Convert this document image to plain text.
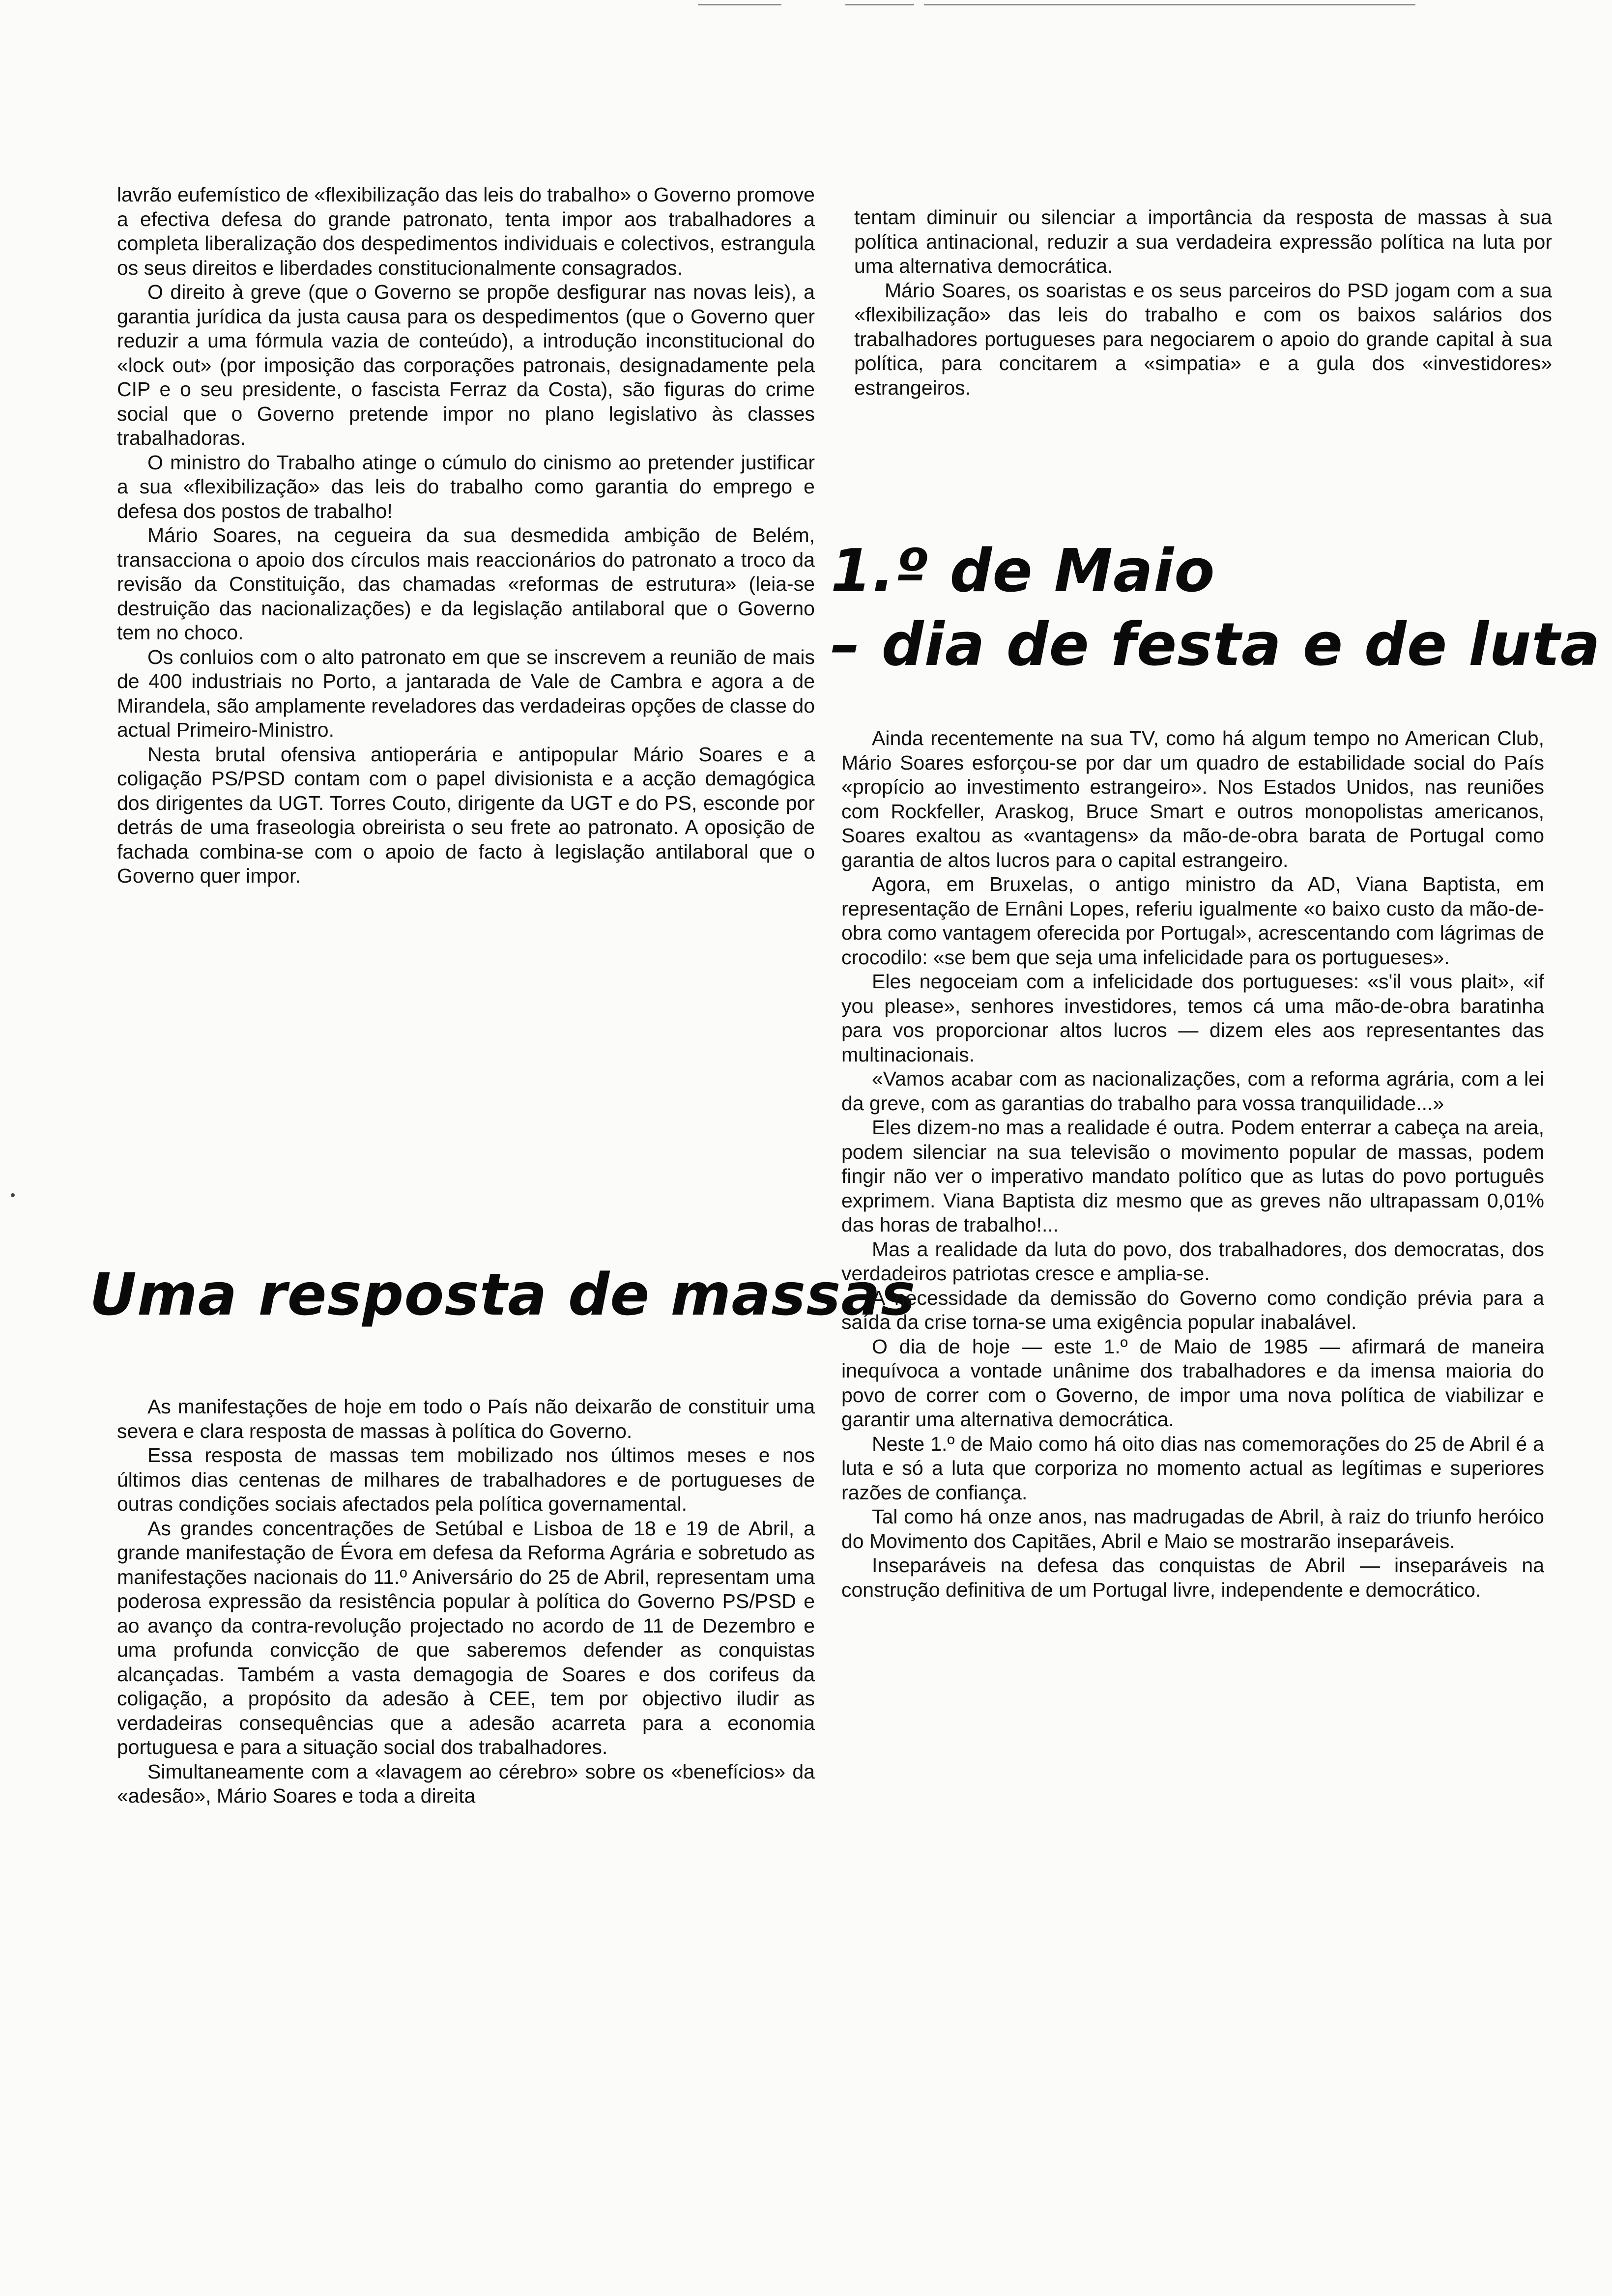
lavrão eufemístico de «flexibilização das leis do trabalho» o Governo promove a efectiva defesa do grande patronato, tenta impor aos trabalhadores a completa liberalização dos despedimentos individuais e colectivos, estrangula os seus direitos e liberdades constitucionalmente consagrados.

O direito à greve (que o Governo se propõe desfigurar nas novas leis), a garantia jurídica da justa causa para os despedimentos (que o Governo quer reduzir a uma fórmula vazia de conteúdo), a introdução inconstitucional do «lock out» (por imposição das corporações patronais, designadamente pela CIP e o seu presidente, o fascista Ferraz da Costa), são figuras do crime social que o Governo pretende impor no plano legislativo às classes trabalhadoras.

O ministro do Trabalho atinge o cúmulo do cinismo ao pretender justificar a sua «flexibilização» das leis do trabalho como garantia do emprego e defesa dos postos de trabalho!

Mário Soares, na cegueira da sua desmedida ambição de Belém, transacciona o apoio dos círculos mais reaccionários do patronato a troco da revisão da Constituição, das chamadas «reformas de estrutura» (leia-se destruição das nacionalizações) e da legislação antilaboral que o Governo tem no choco.

Os conluios com o alto patronato em que se inscrevem a reunião de mais de 400 industriais no Porto, a jantarada de Vale de Cambra e agora a de Mirandela, são amplamente reveladores das verdadeiras opções de classe do actual Primeiro-Ministro.

Nesta brutal ofensiva antioperária e antipopular Mário Soares e a coligação PS/PSD contam com o papel divisionista e a acção demagógica dos dirigentes da UGT. Torres Couto, dirigente da UGT e do PS, esconde por detrás de uma fraseologia obreirista o seu frete ao patronato. A oposição de fachada combina-se com o apoio de facto à legislação antilaboral que o Governo quer impor.

Uma resposta de massas

As manifestações de hoje em todo o País não deixarão de constituir uma severa e clara resposta de massas à política do Governo.

Essa resposta de massas tem mobilizado nos últimos meses e nos últimos dias centenas de milhares de trabalhadores e de portugueses de outras condições sociais afectados pela política governamental.

As grandes concentrações de Setúbal e Lisboa de 18 e 19 de Abril, a grande manifestação de Évora em defesa da Reforma Agrária e sobretudo as manifestações nacionais do 11.º Aniversário do 25 de Abril, representam uma poderosa expressão da resistência popular à política do Governo PS/PSD e ao avanço da contra-revolução projectado no acordo de 11 de Dezembro e uma profunda convicção de que saberemos defender as conquistas alcançadas. Também a vasta demagogia de Soares e dos corifeus da coligação, a propósito da adesão à CEE, tem por objectivo iludir as verdadeiras consequências que a adesão acarreta para a economia portuguesa e para a situação social dos trabalhadores.

Simultaneamente com a «lavagem ao cérebro» sobre os «benefícios» da «adesão», Mário Soares e toda a direita

tentam diminuir ou silenciar a importância da resposta de massas à sua política antinacional, reduzir a sua verdadeira expressão política na luta por uma alternativa democrática.

Mário Soares, os soaristas e os seus parceiros do PSD jogam com a sua «flexibilização» das leis do trabalho e com os baixos salários dos trabalhadores portugueses para negociarem o apoio do grande capital à sua política, para concitarem a «simpatia» e a gula dos «investidores» estrangeiros.

1.º de Maio
– dia de festa e de luta

Ainda recentemente na sua TV, como há algum tempo no American Club, Mário Soares esforçou-se por dar um quadro de estabilidade social do País «propício ao investimento estrangeiro». Nos Estados Unidos, nas reuniões com Rockfeller, Araskog, Bruce Smart e outros monopolistas americanos, Soares exaltou as «vantagens» da mão-de-obra barata de Portugal como garantia de altos lucros para o capital estrangeiro.

Agora, em Bruxelas, o antigo ministro da AD, Viana Baptista, em representação de Ernâni Lopes, referiu igualmente «o baixo custo da mão-de-obra como vantagem oferecida por Portugal», acrescentando com lágrimas de crocodilo: «se bem que seja uma infelicidade para os portugueses».

Eles negoceiam com a infelicidade dos portugueses: «s'il vous plait», «if you please», senhores investidores, temos cá uma mão-de-obra baratinha para vos proporcionar altos lucros — dizem eles aos representantes das multinacionais.

«Vamos acabar com as nacionalizações, com a reforma agrária, com a lei da greve, com as garantias do trabalho para vossa tranquilidade...»

Eles dizem-no mas a realidade é outra. Podem enterrar a cabeça na areia, podem silenciar na sua televisão o movimento popular de massas, podem fingir não ver o imperativo mandato político que as lutas do povo português exprimem. Viana Baptista diz mesmo que as greves não ultrapassam 0,01% das horas de trabalho!...

Mas a realidade da luta do povo, dos trabalhadores, dos democratas, dos verdadeiros patriotas cresce e amplia-se.

A necessidade da demissão do Governo como condição prévia para a saída da crise torna-se uma exigência popular inabalável.

O dia de hoje — este 1.º de Maio de 1985 — afirmará de maneira inequívoca a vontade unânime dos trabalhadores e da imensa maioria do povo de correr com o Governo, de impor uma nova política de viabilizar e garantir uma alternativa democrática.

Neste 1.º de Maio como há oito dias nas comemorações do 25 de Abril é a luta e só a luta que corporiza no momento actual as legítimas e superiores razões de confiança.

Tal como há onze anos, nas madrugadas de Abril, à raiz do triunfo heróico do Movimento dos Capitães, Abril e Maio se mostrarão inseparáveis.

Inseparáveis na defesa das conquistas de Abril — inseparáveis na construção definitiva de um Portugal livre, independente e democrático.
